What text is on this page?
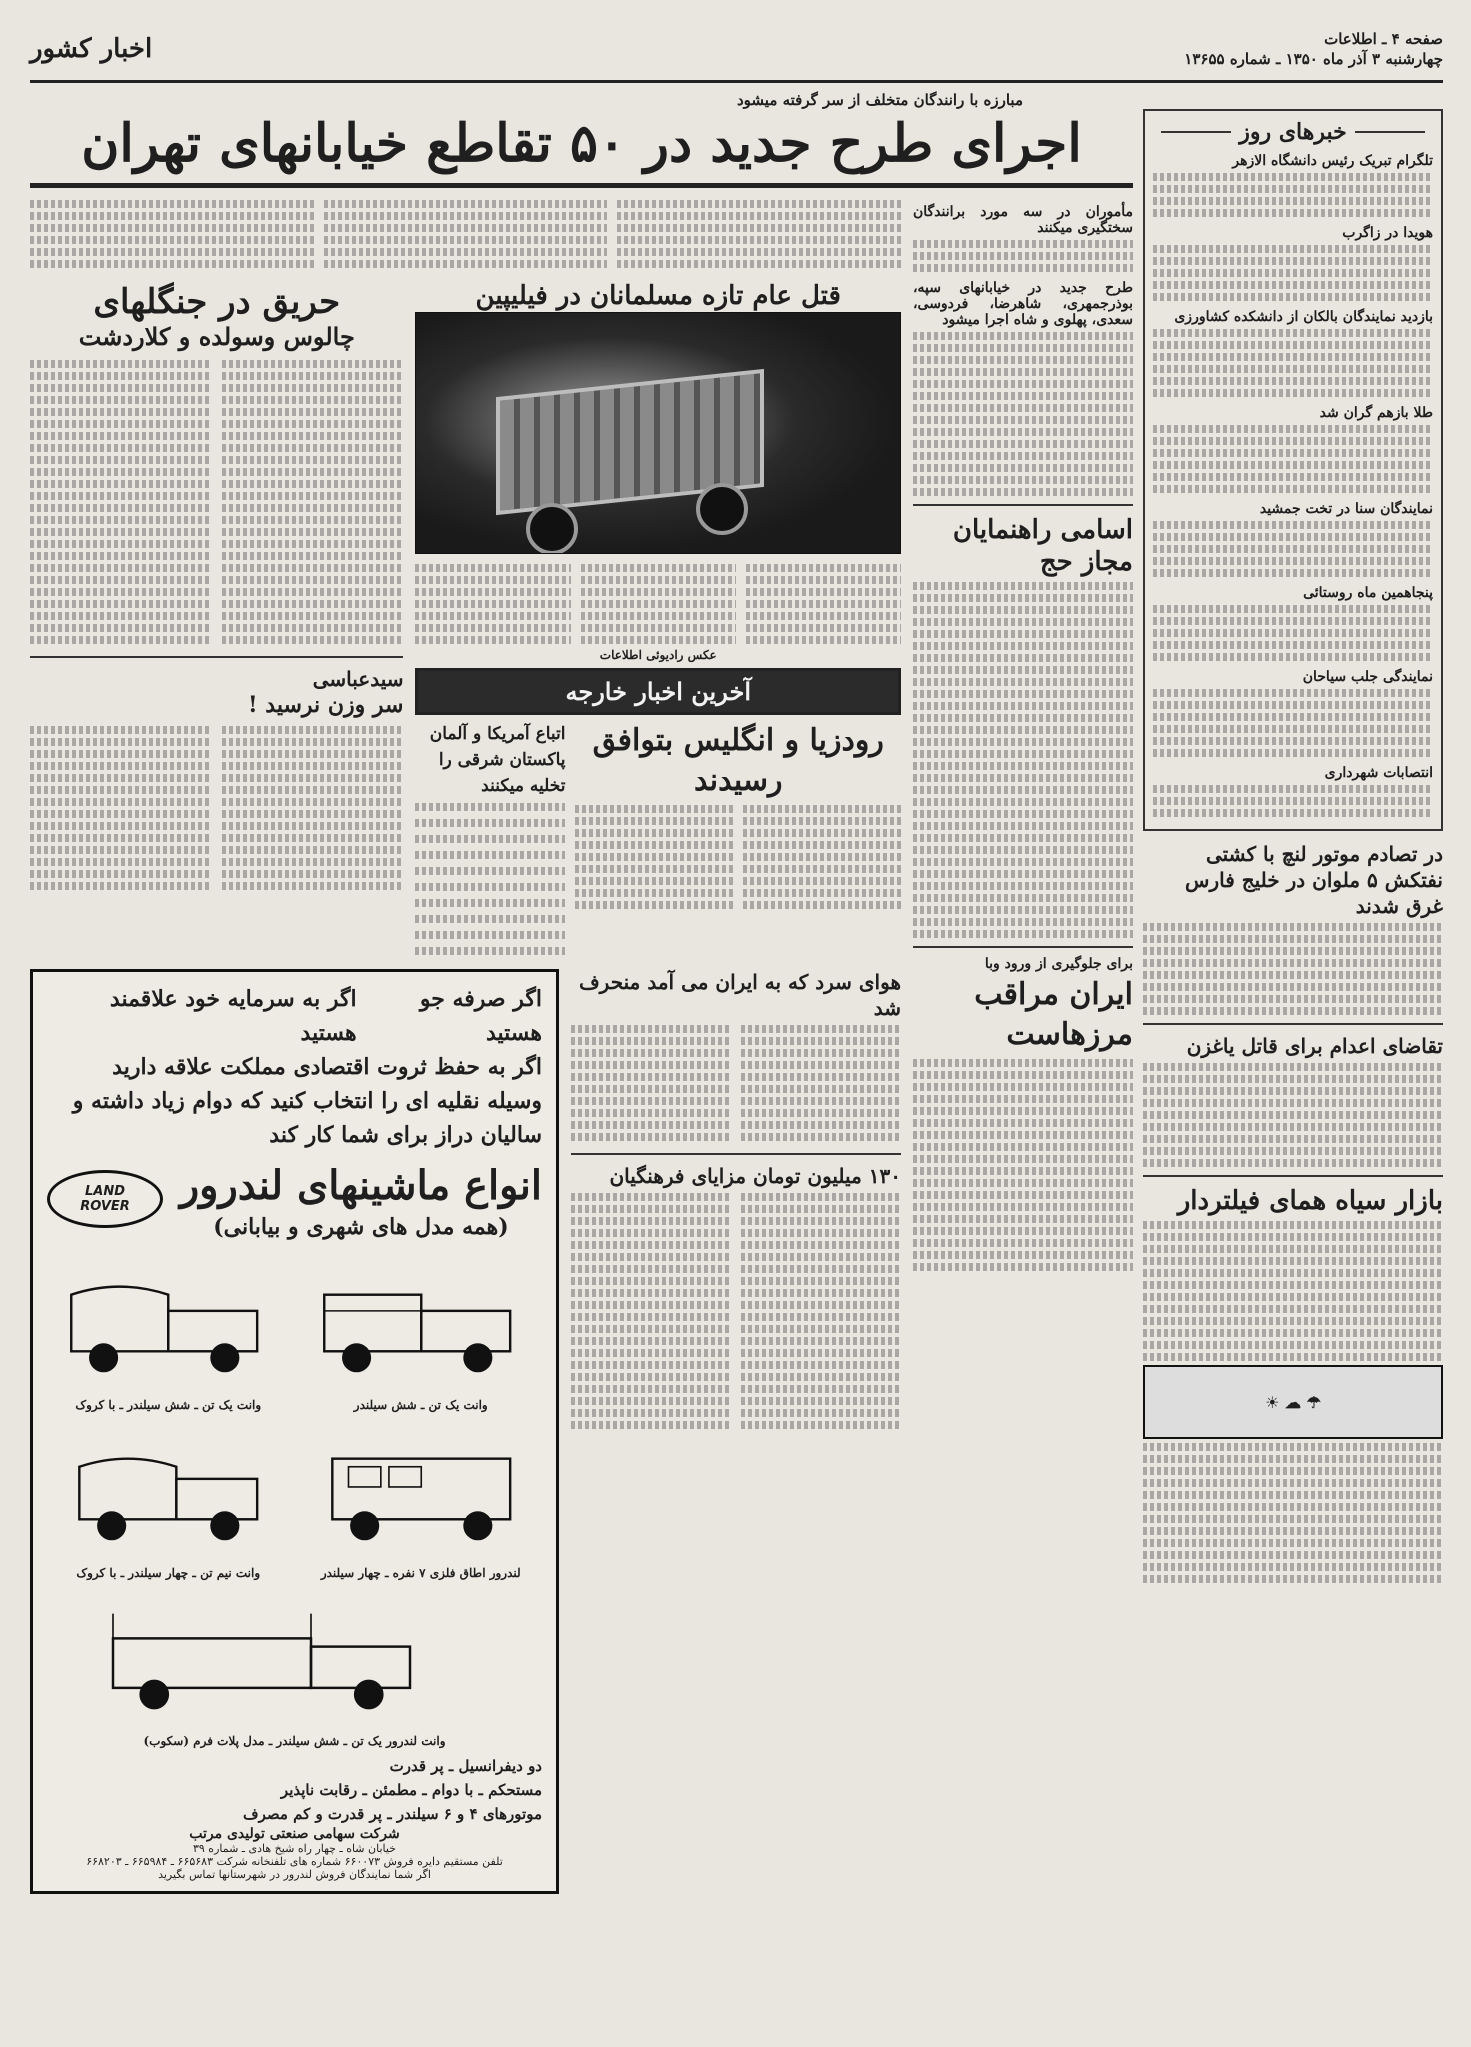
صفحه ۴ ـ اطلاعات
چهارشنبه ۳ آذر ماه ۱۳۵۰ ـ شماره ۱۳۶۵۵
اخبار کشور
مبارزه با رانندگان متخلف از سر گرفته میشود
خبرهای روز
تلگرام تبریک رئیس دانشگاه الازهر
هویدا در زاگرب
بازدید نمایندگان بالکان از دانشکده کشاورزی
طلا بازهم گران شد
نمایندگان سنا در تخت جمشید
پنجاهمین ماه روستائی
نمایندگی جلب سیاحان
انتصابات شهرداری
در تصادم موتور لنچ با کشتی نفتکش ۵ ملوان در خلیج فارس غرق شدند
تقاضای اعدام برای قاتل یاغزن
بازار سیاه همای فیلتردار
☂ ☁ ☀
اجرای طرح جدید در ۵۰ تقاطع خیابانهای تهران
مأموران در سه مورد برانندگان سختگیری میکنند
طرح جدید در خیابانهای سپه، بوذرجمهری، شاهرضا، فردوسی، سعدی، پهلوی و شاه اجرا میشود
اسامی راهنمایان مجاز حج
برای جلوگیری از ورود وبا
ایران مراقب مرزهاست
قتل عام تازه مسلمانان در فیلیپین
عکس رادیوئی اطلاعات
آخرین اخبار خارجه
رودزیا و انگلیس بتوافق رسیدند
اتباع آمریکا و آلمان پاکستان شرقی را تخلیه میکنند
حریق در جنگلهای
چالوس وسولده و کلاردشت
سیدعباسی
سر وزن نرسید !
هوای سرد که به ایران می آمد منحرف شد
۱۳۰ میلیون تومان مزایای فرهنگیان
اگر صرفه جو هستید
اگر به سرمایه خود علاقمند هستید
اگر به حفظ ثروت اقتصادی مملکت علاقه دارید
وسیله نقلیه ای را انتخاب کنید که دوام زیاد داشته و سالیان دراز برای شما کار کند
انواع ماشینهای لندرور
(همه مدل های شهری و بیابانی)
LAND
ROVER
وانت یک تن ـ شش سیلندر
وانت یک تن ـ شش سیلندر ـ با کروک
لندرور اطاق فلزی ۷ نفره ـ چهار سیلندر
وانت نیم تن ـ چهار سیلندر ـ با کروک
وانت لندرور یک تن ـ شش سیلندر ـ مدل پلات فرم (سکوب)
دو دیفرانسیل ـ پر قدرت
مستحکم ـ با دوام ـ مطمئن ـ رقابت ناپذیر
موتورهای ۴ و ۶ سیلندر ـ پر قدرت و کم مصرف
شرکت سهامی صنعتی تولیدی مرتب
خیابان شاه ـ چهار راه شیخ هادی ـ شماره ۳۹
تلفن مستقیم دایره فروش ۶۶۰۰۷۳ شماره های تلفنخانه شرکت ۶۶۵۶۸۳ ـ ۶۶۵۹۸۴ ـ ۶۶۸۲۰۳
اگر شما نمایندگان فروش لندرور در شهرستانها تماس بگیرید
